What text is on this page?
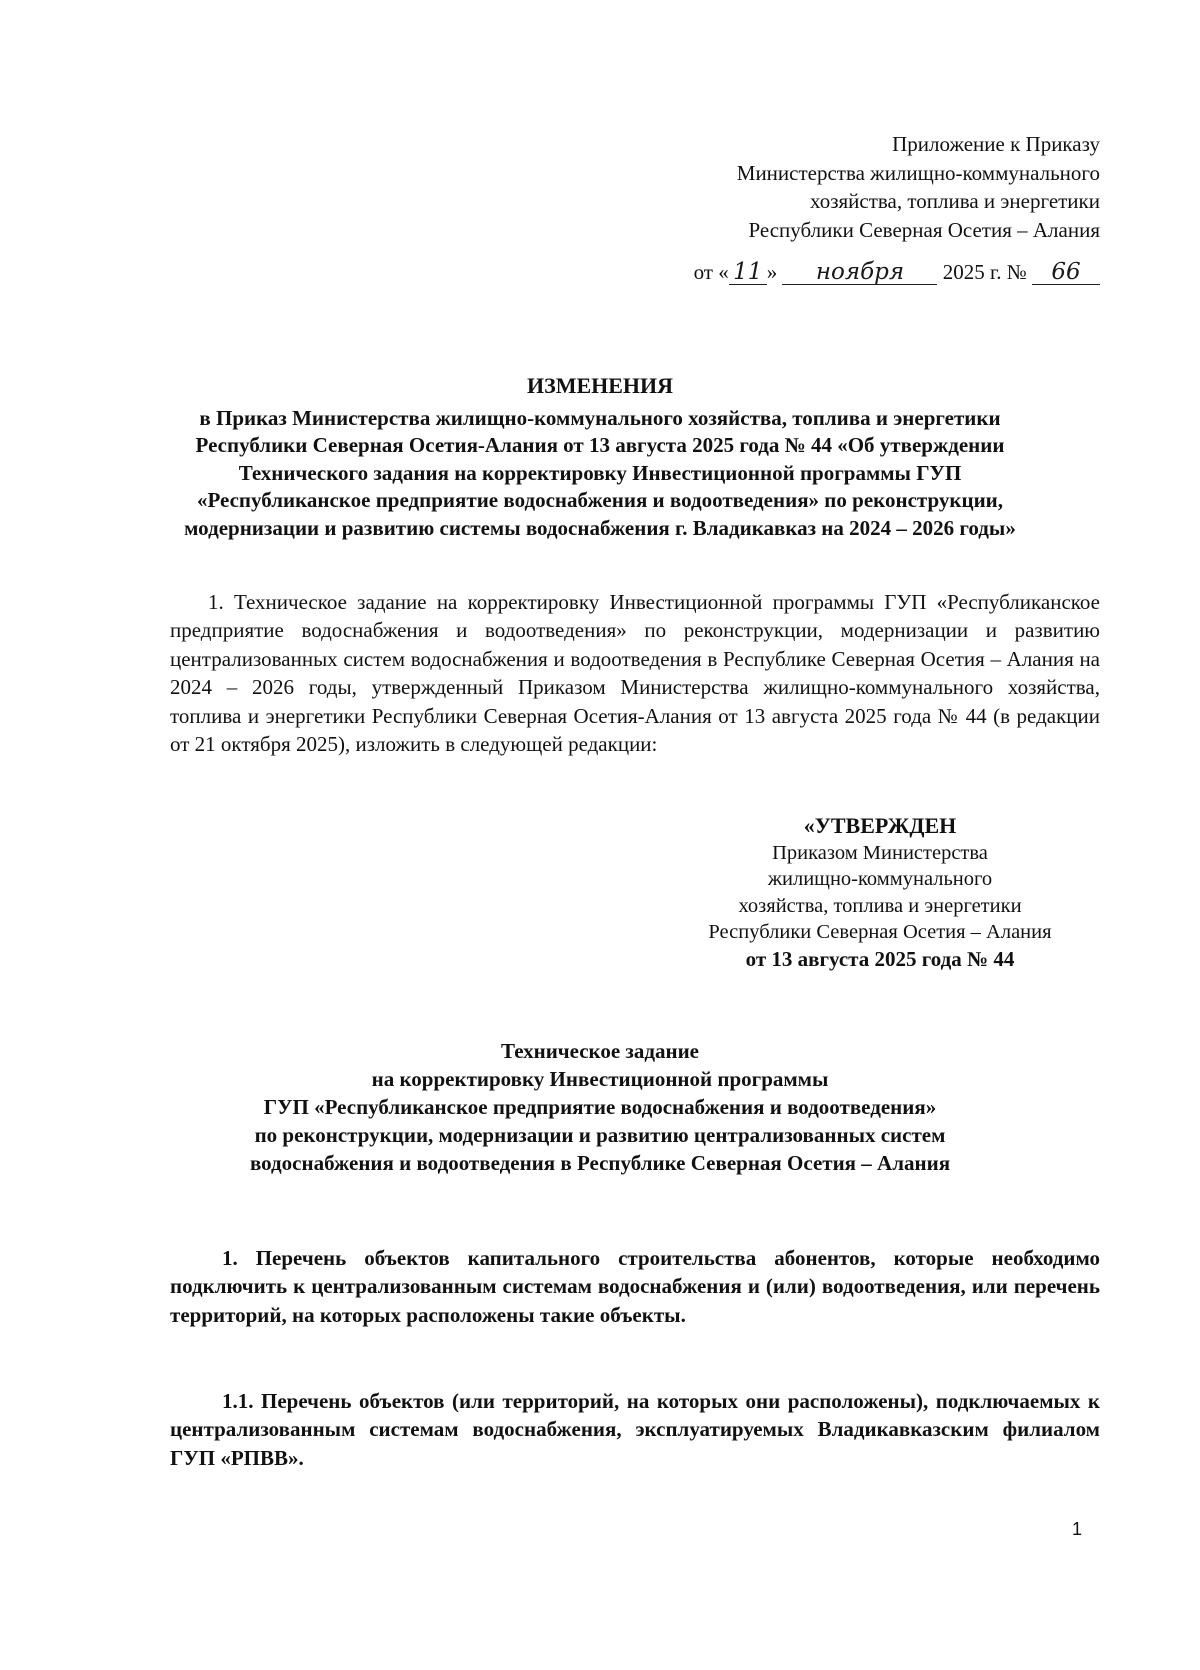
Приложение к Приказу
Министерства жилищно-коммунального
хозяйства, топлива и энергетики
Республики Северная Осетия – Алания
от « 11 » ноября 2025 г. № 66
ИЗМЕНЕНИЯ
в Приказ Министерства жилищно-коммунального хозяйства, топлива и энергетики
Республики Северная Осетия-Алания от 13 августа 2025 года № 44 «Об утверждении
Технического задания на корректировку Инвестиционной программы ГУП
«Республиканское предприятие водоснабжения и водоотведения» по реконструкции,
модернизации и развитию системы водоснабжения г. Владикавказ на 2024 – 2026 годы»
1. Техническое задание на корректировку Инвестиционной программы ГУП «Республиканское предприятие водоснабжения и водоотведения» по реконструкции, модернизации и развитию централизованных систем водоснабжения и водоотведения в Республике Северная Осетия – Алания на 2024 – 2026 годы, утвержденный Приказом Министерства жилищно-коммунального хозяйства, топлива и энергетики Республики Северная Осетия-Алания от 13 августа 2025 года № 44 (в редакции от 21 октября 2025), изложить в следующей редакции:
«УТВЕРЖДЕН
Приказом Министерства
жилищно-коммунального
хозяйства, топлива и энергетики
Республики Северная Осетия – Алания
от 13 августа 2025 года № 44
Техническое задание
на корректировку Инвестиционной программы
ГУП «Республиканское предприятие водоснабжения и водоотведения»
по реконструкции, модернизации и развитию централизованных систем
водоснабжения и водоотведения в Республике Северная Осетия – Алания
1. Перечень объектов капитального строительства абонентов, которые необходимо подключить к централизованным системам водоснабжения и (или) водоотведения, или перечень территорий, на которых расположены такие объекты.
1.1. Перечень объектов (или территорий, на которых они расположены), подключаемых к централизованным системам водоснабжения, эксплуатируемых Владикавказским филиалом ГУП «РПВВ».
1
